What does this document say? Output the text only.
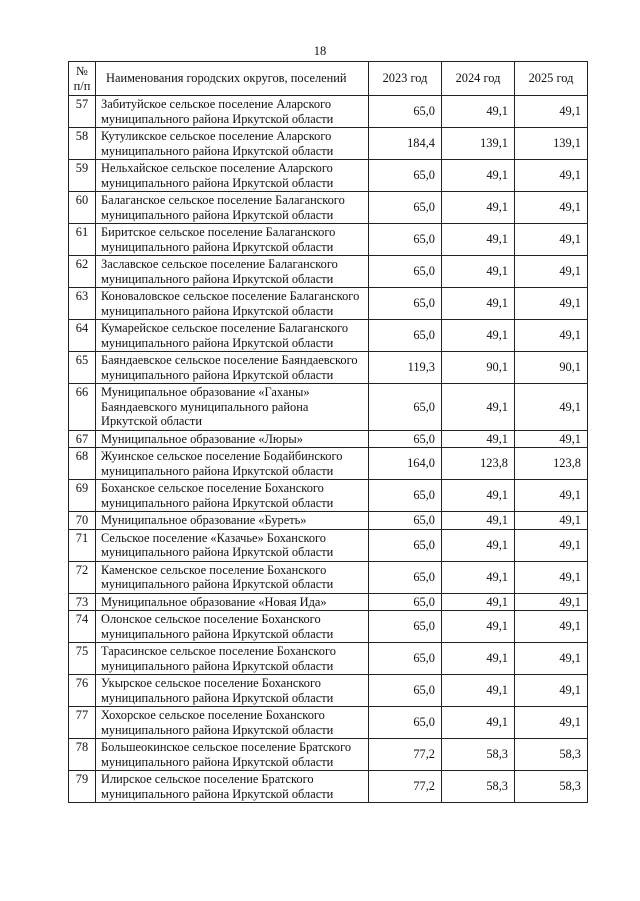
18
№ п/п	Наименования городских округов, поселений	2023 год	2024 год	2025 год
57	Забитуйское сельское поселение Аларского муниципального района Иркутской области	65,0	49,1	49,1
58	Кутуликское сельское поселение Аларского муниципального района Иркутской области	184,4	139,1	139,1
59	Нельхайское сельское поселение Аларского муниципального района Иркутской области	65,0	49,1	49,1
60	Балаганское сельское поселение Балаганского муниципального района Иркутской области	65,0	49,1	49,1
61	Биритское сельское поселение Балаганского муниципального района Иркутской области	65,0	49,1	49,1
62	Заславское сельское поселение Балаганского муниципального района Иркутской области	65,0	49,1	49,1
63	Коноваловское сельское поселение Балаганского муниципального района Иркутской области	65,0	49,1	49,1
64	Кумарейское сельское поселение Балаганского муниципального района Иркутской области	65,0	49,1	49,1
65	Баяндаевское сельское поселение Баяндаевского муниципального района Иркутской области	119,3	90,1	90,1
66	Муниципальное образование «Гаханы» Баяндаевского муниципального района Иркутской области	65,0	49,1	49,1
67	Муниципальное образование «Люры»	65,0	49,1	49,1
68	Жуинское сельское поселение Бодайбинского муниципального района Иркутской области	164,0	123,8	123,8
69	Боханское сельское поселение Боханского муниципального района Иркутской области	65,0	49,1	49,1
70	Муниципальное образование «Буреть»	65,0	49,1	49,1
71	Сельское поселение «Казачье» Боханского муниципального района Иркутской области	65,0	49,1	49,1
72	Каменское сельское поселение Боханского муниципального района Иркутской области	65,0	49,1	49,1
73	Муниципальное образование «Новая Ида»	65,0	49,1	49,1
74	Олонское сельское поселение Боханского муниципального района Иркутской области	65,0	49,1	49,1
75	Тарасинское сельское поселение Боханского муниципального района Иркутской области	65,0	49,1	49,1
76	Укырское сельское поселение Боханского муниципального района Иркутской области	65,0	49,1	49,1
77	Хохорское сельское поселение Боханского муниципального района Иркутской области	65,0	49,1	49,1
78	Большеокинское сельское поселение Братского муниципального района Иркутской области	77,2	58,3	58,3
79	Илирское сельское поселение Братского муниципального района Иркутской области	77,2	58,3	58,3
